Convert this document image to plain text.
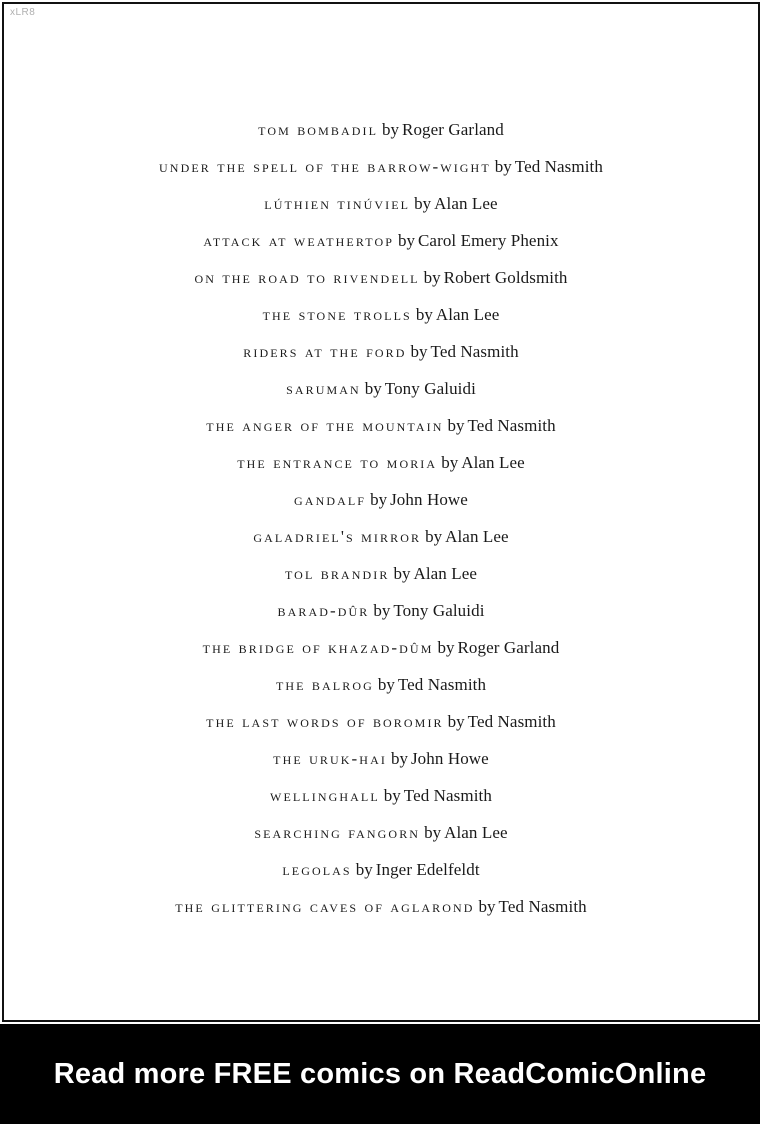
xLR8
tom bombadil by Roger Garland
under the spell of the barrow-wight by Ted Nasmith
lúthien tinúviel by Alan Lee
attack at weathertop by Carol Emery Phenix
on the road to rivendell by Robert Goldsmith
the stone trolls by Alan Lee
riders at the ford by Ted Nasmith
saruman by Tony Galuidi
the anger of the mountain by Ted Nasmith
the entrance to moria by Alan Lee
gandalf by John Howe
galadriel's mirror by Alan Lee
tol brandir by Alan Lee
barad-dûr by Tony Galuidi
the bridge of khazad-dûm by Roger Garland
the balrog by Ted Nasmith
the last words of boromir by Ted Nasmith
the uruk-hai by John Howe
wellinghall by Ted Nasmith
searching fangorn by Alan Lee
legolas by Inger Edelfeldt
the glittering caves of aglarond by Ted Nasmith
Read more FREE comics on ReadComicOnline
